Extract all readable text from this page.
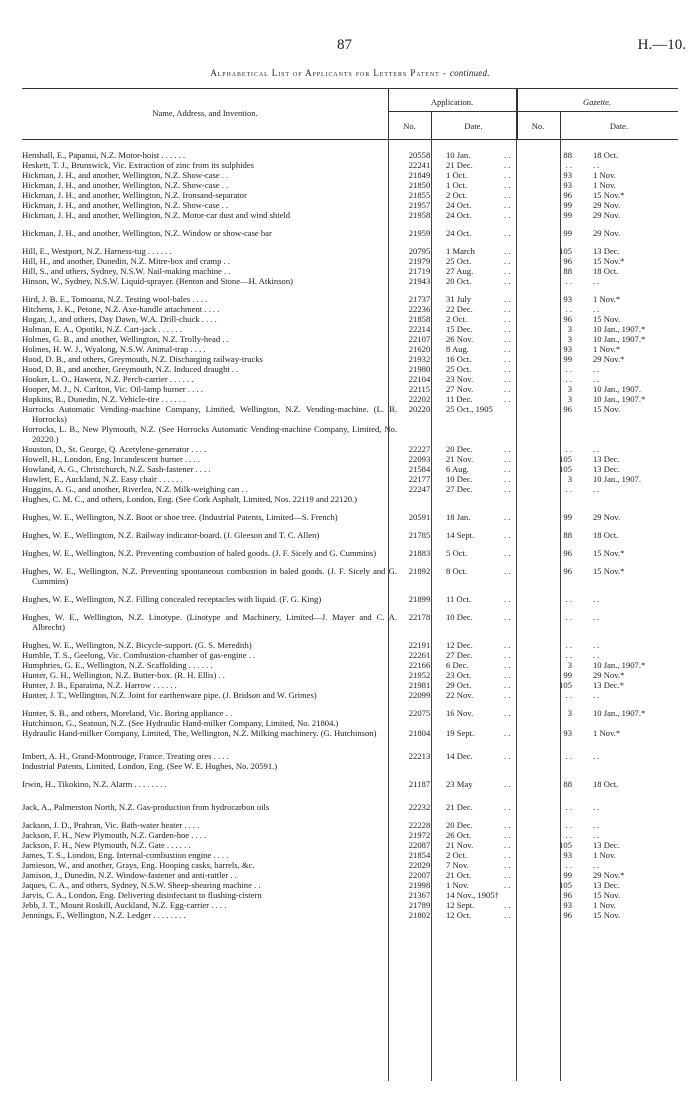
87	H.—10.
Alphabetical List of Applicants for Letters Patent - continued.
Name, Address, and Invention.
Application.	Gazette.
No.	Date.	No.	Date.
Henshall, E., Papanui, N.Z. Motor-hoist . . . . . .	20558	10 Jan.	. .	88 18 Oct.
Heskett, T. J., Brunswick, Vic. Extraction of zinc from its sulphides	22241	21 Dec.	. .	. . . .
Hickman, J. H., and another, Wellington, N.Z. Show-case . .	21849	1 Oct.	. .	93 1 Nov.
Hickman, J. H., and another, Wellington, N.Z. Show-case . .	21850	1 Oct.	. .	93 1 Nov.
Hickman, J. H., and another, Wellington, N.Z. Ironsand-separator	21855	2 Oct.	. .	96 15 Nov.*
Hickman, J. H., and another, Wellington, N.Z. Show-case . .	21957	24 Oct.	. .	99 29 Nov.
Hickman, J. H., and another, Wellington, N.Z. Motor-car dust and wind shield	21958	24 Oct.	. .	99 29 Nov.
Hickman, J. H., and another, Wellington, N.Z. Window or show-case bar	21959	24 Oct.	. .	99 29 Nov.
Hill, E., Westport, N.Z. Harness-tug . . . . . .	20795	1 March	. .	105 13 Dec.
Hill, H., and another, Dunedin, N.Z. Mitre-box and cramp . .	21979	25 Oct.	. .	96 15 Nov.*
Hill, S., and others, Sydney, N.S.W. Nail-making machine . .	21719	27 Aug.	. .	88 18 Oct.
Hinson, W., Sydney, N.S.W. Liquid-sprayer. (Benton and Stone—H. Atkinson)	21943	20 Oct.	. .	. . . .
Hird, J. B. E., Tomoana, N.Z. Testing wool-bales . . . .	21737	31 July	. .	93 1 Nov.*
Hitchens, J. K., Petone, N.Z. Axe-handle attachment . . . .	22236	22 Dec.	. .	. . . .
Hogan, J., and others, Day Dawn, W.A. Drill-chuck . . . .	21858	2 Oct.	. .	96 15 Nov.
Holman, E. A., Opotiki, N.Z. Cart-jack . . . . . .	22214	15 Dec.	. .	3 10 Jan., 1907.*
Holmes, G. B., and another, Wellington, N.Z. Trolly-head . .	22107	26 Nov.	. .	3 10 Jan., 1907.*
Holmes, H. W. J., Wyalong, N.S.W. Animal-trap . . . .	21620	8 Aug.	. .	93 1 Nov.*
Hood, D. B., and others, Greymouth, N.Z. Discharging railway-trucks	21932	16 Oct.	. .	99 29 Nov.*
Hood, D. B., and another, Greymouth, N.Z. Induced draught . .	21980	25 Oct.	. .	. . . .
Hooker, L. O., Hawera, N.Z. Perch-carrier . . . . . .	22104	23 Nov.	. .	. . . .
Hooper, M. J., N. Carlton, Vic. Oil-lamp burner . . . .	22115	27 Nov.	. .	3 10 Jan., 1907.
Hopkins, R., Dunedin, N.Z. Vehicle-tire . . . . . .	22202	11 Dec.	. .	3 10 Jan., 1907.*
Horrocks Automatic Vending-machine Company, Limited, Wellington, N.Z. Vending-machine. (L. B. Horrocks)
20220	25 Oct., 1905	96 15 Nov.
Horrocks, L. B., New Plymouth, N.Z. (See Horrocks Automatic Vending-machine Company, Limited, No. 20220.)
Houston, D., St. George, Q. Acetylene-generator . . . .	22227	20 Dec.	. .	. . . .
Howell, H., London, Eng. Incandescent burner . . . .	22093	21 Nov.	. .	105 13 Dec.
Howland, A. G., Christchurch, N.Z. Sash-fastener . . . .	21584	6 Aug.	. .	105 13 Dec.
Howlett, E., Auckland, N.Z. Easy chair . . . . . .	22177	10 Dec.	. .	3 10 Jan., 1907.
Huggins, A. G., and another, Riverlea, N.Z. Milk-weighing can . .	22247	27 Dec.	. .	. . . .
Hughes, C. M. C., and others, London, Eng. (See Cork Asphalt, Limited, Nos. 22119 and 22120.)
Hughes, W. E., Wellington, N.Z. Boot or shoe tree. (Industrial Patents, Limited—S. French)	20591	18 Jan.	. .	99 29 Nov.
Hughes, W. E., Wellington, N.Z. Railway indicator-board. (J. Gleeson and T. C. Allen)	21785	14 Sept.	. .	88 18 Oct.
Hughes, W. E., Wellington, N.Z. Preventing combustion of baled goods. (J. F. Sicely and G. Cummins)	21883	5 Oct.	. .	96 15 Nov.*
Hughes, W. E., Wellington, N.Z. Preventing spontaneous combustion in baled goods. (J. F. Sicely and G. Cummins)
21892	8 Oct.	. .	96 15 Nov.*
Hughes, W. E., Wellington, N.Z. Filling concealed receptacles with liquid. (F. G. King)	21899	11 Oct.	. .	. . . .
Hughes, W. E., Wellington, N.Z. Linotype. (Linotype and Machinery, Limited—J. Mayer and C. A. Albrecht)
22178	10 Dec.	. .	. . . .
Hughes, W. E., Wellington, N.Z. Bicycle-support. (G. S. Meredith)	22191	12 Dec.	. .	. . . .
Humble, T. S., Geelong, Vic. Combustion-chamber of gas-engine . .	22261	27 Dec.	. .	. . . .
Humphries, G. E., Wellington, N.Z. Scaffolding . . . . . .	22166	6 Dec.	. .	3 10 Jan., 1907.*
Hunter, G. H., Wellington, N.Z. Butter-box. (R. H. Ellis) . .	21952	23 Oct.	. .	99 29 Nov.*
Hunter, J. B., Eparaima, N.Z. Harrow . . . . . .	21981	29 Oct.	. .	105 13 Dec.*
Hunter, J. T., Wellington, N.Z. Joint for earthenware pipe. (J. Bridson and W. Grimes)	22099	22 Nov.	. .	. . . .
Hunter, S. B., and others, Moreland, Vic. Boring appliance . .	22075	16 Nov.	. .	3 10 Jan., 1907.*
Hutchinson, G., Seatoun, N.Z. (See Hydraulic Hand-milker Company, Limited, No. 21804.)
Hydraulic Hand-milker Company, Limited, The, Wellington, N.Z. Milking machinery. (G. Hutchinson)	21804	19 Sept.	. .	93 1 Nov.*
Imbert, A. H., Grand-Montrouge, France. Treating ores . . . .	22213	14 Dec.	. .	. . . .
Industrial Patents, Limited, London, Eng. (See W. E. Hughes, No. 20591.)
Irwin, H., Tikokino, N.Z. Alarm . . . . . . . .	21187	23 May	. .	88 18 Oct.
Jack, A., Palmerston North, N.Z. Gas-production from hydrocarbon oils	22232	21 Dec.	. .	. . . .
Jackson, J. D., Prahran, Vic. Bath-water heater . . . .	22228	20 Dec.	. .	. . . .
Jackson, F. H., New Plymouth, N.Z. Garden-hoe . . . .	21972	26 Oct.	. .	. . . .
Jackson, F. H., New Plymouth, N.Z. Gate . . . . . .	22087	21 Nov.	. .	105 13 Dec.
James, T. S., London, Eng. Internal-combustion engine . . . .	21854	2 Oct.	. .	93 1 Nov.
Jamieson, W., and another, Grays, Eng. Hooping casks, barrels, &c.	22029	7 Nov.	. .	. . . .
Jamison, J., Dunedin, N.Z. Window-fastener and anti-rattler . .	22007	21 Oct.	. .	99 29 Nov.*
Jaques, C. A., and others, Sydney, N.S.W. Sheep-shearing machine . .	21998	1 Nov.	. .	105 13 Dec.
Jarvis, C. A., London, Eng. Delivering disinfectant to flushing-cistern	21367	14 Nov., 1905†	96 15 Nov.
Jebb, J. T., Mount Roskill, Auckland, N.Z. Egg-carrier . . . .	21789	12 Sept.	. .	93 1 Nov.
Jennings, F., Wellington, N.Z. Ledger . . . . . . . .	21802	12 Oct.	. .	96 15 Nov.
